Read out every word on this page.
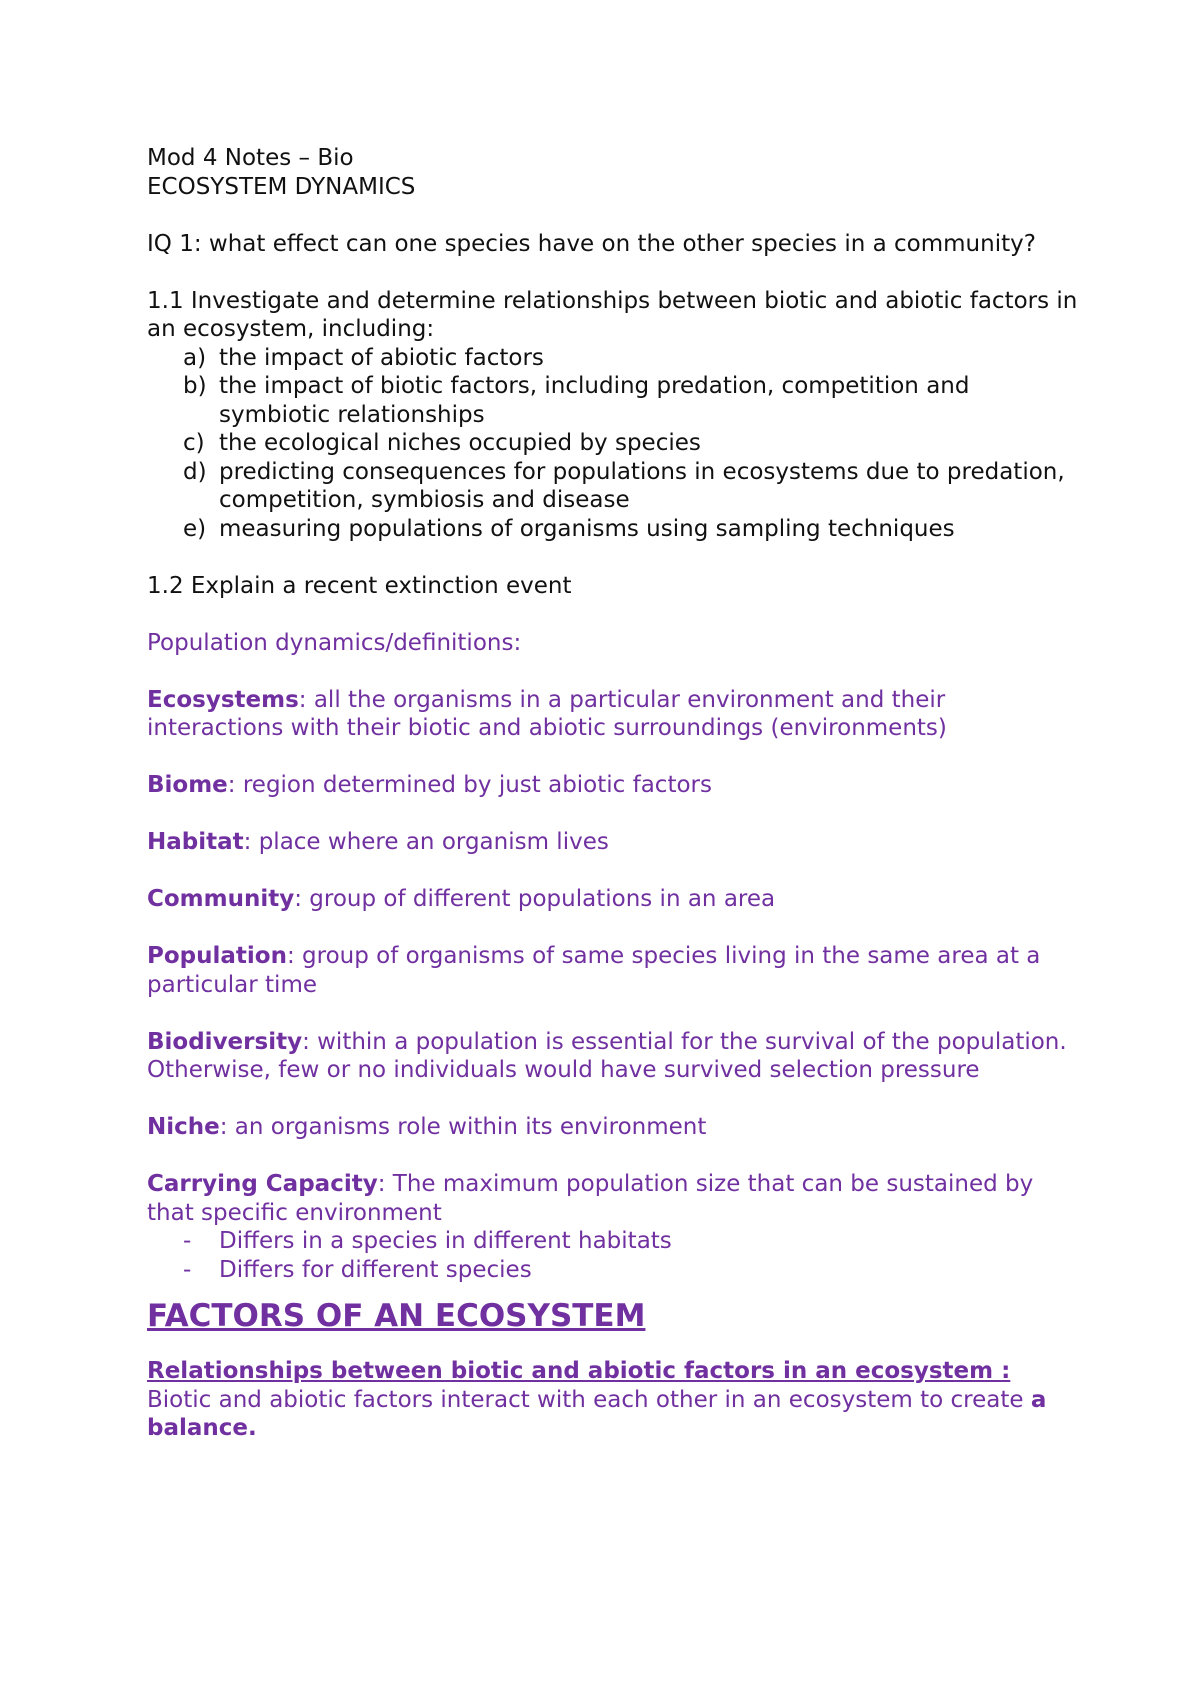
Mod 4 Notes – Bio

ECOSYSTEM DYNAMICS

IQ 1: what effect can one species have on the other species in a community?

1.1 Investigate and determine relationships between biotic and abiotic factors in an ecosystem, including:

a) the impact of abiotic factors
b) the impact of biotic factors, including predation, competition and symbiotic relationships
c) the ecological niches occupied by species
d) predicting consequences for populations in ecosystems due to predation, competition, symbiosis and disease
e) measuring populations of organisms using sampling techniques

1.2 Explain a recent extinction event

Population dynamics/definitions:

Ecosystems: all the organisms in a particular environment and their interactions with their biotic and abiotic surroundings (environments)

Biome: region determined by just abiotic factors

Habitat: place where an organism lives

Community: group of different populations in an area

Population: group of organisms of same species living in the same area at a particular time

Biodiversity: within a population is essential for the survival of the population. Otherwise, few or no individuals would have survived selection pressure

Niche: an organisms role within its environment

Carrying Capacity: The maximum population size that can be sustained by that specific environment

- Differs in a species in different habitats
- Differs for different species

FACTORS OF AN ECOSYSTEM

Relationships between biotic and abiotic factors in an ecosystem :

Biotic and abiotic factors interact with each other in an ecosystem to create a balance.
